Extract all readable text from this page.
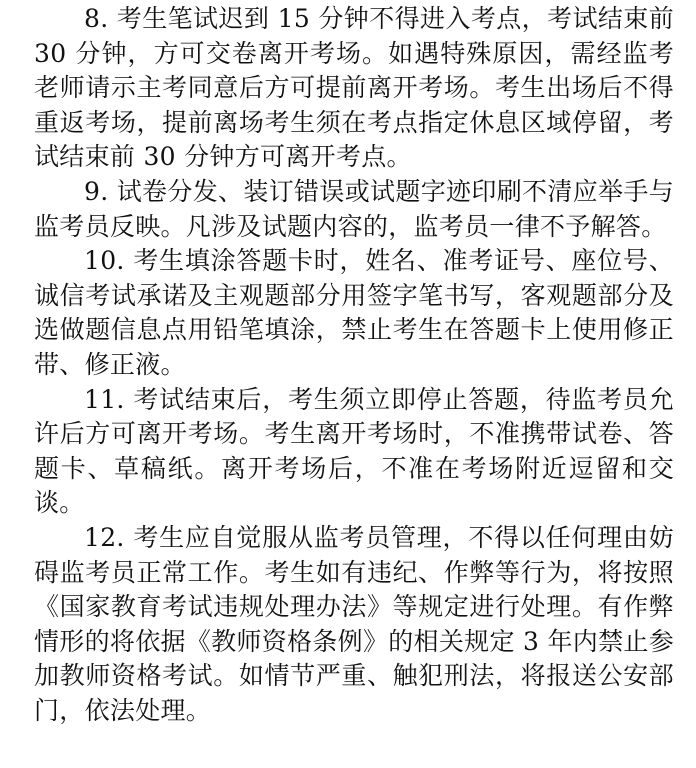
8. 考生笔试迟到 15 分钟不得进入考点，考试结束前 30 分钟，方可交卷离开考场。如遇特殊原因，需经监考老师请示主考同意后方可提前离开考场。考生出场后不得重返考场，提前离场考生须在考点指定休息区域停留，考试结束前 30 分钟方可离开考点。

9. 试卷分发、装订错误或试题字迹印刷不清应举手与监考员反映。凡涉及试题内容的，监考员一律不予解答。

10. 考生填涂答题卡时，姓名、准考证号、座位号、诚信考试承诺及主观题部分用签字笔书写，客观题部分及选做题信息点用铅笔填涂，禁止考生在答题卡上使用修正带、修正液。

11. 考试结束后，考生须立即停止答题，待监考员允许后方可离开考场。考生离开考场时，不准携带试卷、答题卡、草稿纸。离开考场后，不准在考场附近逗留和交谈。

12. 考生应自觉服从监考员管理，不得以任何理由妨碍监考员正常工作。考生如有违纪、作弊等行为，将按照《国家教育考试违规处理办法》等规定进行处理。有作弊情形的将依据《教师资格条例》的相关规定 3 年内禁止参加教师资格考试。如情节严重、触犯刑法，将报送公安部门，依法处理。
